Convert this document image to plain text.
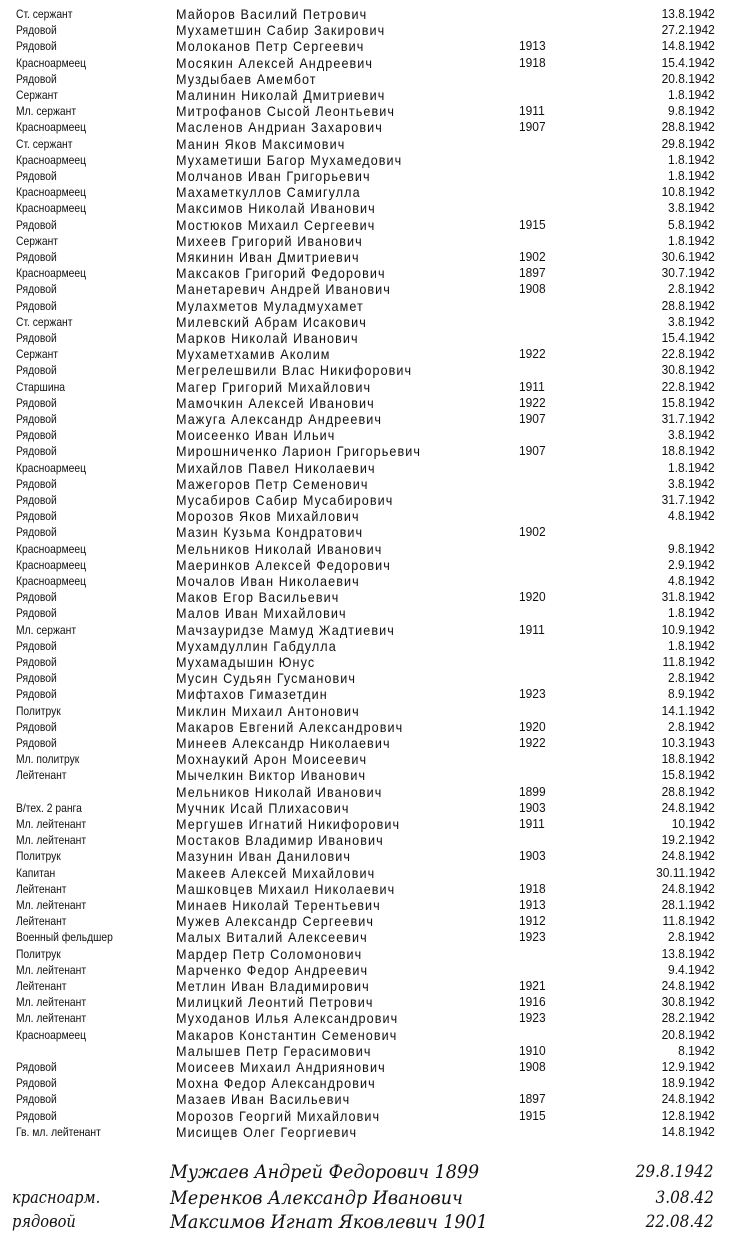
Ст. сержант	Майоров Василий Петрович	13.8.1942
Рядовой	Мухаметшин Сабир Закирович	27.2.1942
Рядовой	Молоканов Петр Сергеевич	1913	14.8.1942
Красноармеец	Мосякин Алексей Андреевич	1918	15.4.1942
Рядовой	Муздыбаев Амембот	20.8.1942
Сержант	Малинин Николай Дмитриевич	1.8.1942
Мл. сержант	Митрофанов Сысой Леонтьевич	1911	9.8.1942
Красноармеец	Масленов Андриан Захарович	1907	28.8.1942
Ст. сержант	Манин Яков Максимович	29.8.1942
Красноармеец	Мухаметиши Багор Мухамедович	1.8.1942
Рядовой	Молчанов Иван Григорьевич	1.8.1942
Красноармеец	Махаметкуллов Самигулла	10.8.1942
Красноармеец	Максимов Николай Иванович	3.8.1942
Рядовой	Мостюков Михаил Сергеевич	1915	5.8.1942
Сержант	Михеев Григорий Иванович	1.8.1942
Рядовой	Мякинин Иван Дмитриевич	1902	30.6.1942
Красноармеец	Максаков Григорий Федорович	1897	30.7.1942
Рядовой	Манетаревич Андрей Иванович	1908	2.8.1942
Рядовой	Мулахметов Муладмухамет	28.8.1942
Ст. сержант	Милевский Абрам Исакович	3.8.1942
Рядовой	Марков Николай Иванович	15.4.1942
Сержант	Мухаметхамив Аколим	1922	22.8.1942
Рядовой	Мегрелешвили Влас Никифорович	30.8.1942
Старшина	Магер Григорий Михайлович	1911	22.8.1942
Рядовой	Мамочкин Алексей Иванович	1922	15.8.1942
Рядовой	Мажуга Александр Андреевич	1907	31.7.1942
Рядовой	Моисеенко Иван Ильич	3.8.1942
Рядовой	Мирошниченко Ларион Григорьевич	1907	18.8.1942
Красноармеец	Михайлов Павел Николаевич	1.8.1942
Рядовой	Мажегоров Петр Семенович	3.8.1942
Рядовой	Мусабиров Сабир Мусабирович	31.7.1942
Рядовой	Морозов Яков Михайлович	4.8.1942
Рядовой	Мазин Кузьма Кондратович	1902
Красноармеец	Мельников Николай Иванович	9.8.1942
Красноармеец	Маеринков Алексей Федорович	2.9.1942
Красноармеец	Мочалов Иван Николаевич	4.8.1942
Рядовой	Маков Егор Васильевич	1920	31.8.1942
Рядовой	Малов Иван Михайлович	1.8.1942
Мл. сержант	Мачзауридзе Мамуд Жадтиевич	1911	10.9.1942
Рядовой	Мухамдуллин Габдулла	1.8.1942
Рядовой	Мухамадышин Юнус	11.8.1942
Рядовой	Мусин Судьян Гусманович	2.8.1942
Рядовой	Мифтахов Гимазетдин	1923	8.9.1942
Политрук	Миклин Михаил Антонович	14.1.1942
Рядовой	Макаров Евгений Александрович	1920	2.8.1942
Рядовой	Минеев Александр Николаевич	1922	10.3.1943
Мл. политрук	Мохнаукий Арон Моисеевич	18.8.1942
Лейтенант	Мычелкин Виктор Иванович	15.8.1942
Мельников Николай Иванович	1899	28.8.1942
В/тех. 2 ранга	Мучник Исай Плихасович	1903	24.8.1942
Мл. лейтенант	Мергушев Игнатий Никифорович	1911	10.1942
Мл. лейтенант	Мостаков Владимир Иванович	19.2.1942
Политрук	Мазунин Иван Данилович	1903	24.8.1942
Капитан	Макеев Алексей Михайлович	30.11.1942
Лейтенант	Машковцев Михаил Николаевич	1918	24.8.1942
Мл. лейтенант	Минаев Николай Терентьевич	1913	28.1.1942
Лейтенант	Мужев Александр Сергеевич	1912	11.8.1942
Военный фельдшер	Малых Виталий Алексеевич	1923	2.8.1942
Политрук	Мардер Петр Соломонович	13.8.1942
Мл. лейтенант	Марченко Федор Андреевич	9.4.1942
Лейтенант	Метлин Иван Владимирович	1921	24.8.1942
Мл. лейтенант	Милицкий Леонтий Петрович	1916	30.8.1942
Мл. лейтенант	Муходанов Илья Александрович	1923	28.2.1942
Красноармеец	Макаров Константин Семенович	20.8.1942
Малышев Петр Герасимович	1910	8.1942
Рядовой	Моисеев Михаил Андриянович	1908	12.9.1942
Рядовой	Мохна Федор Александрович	18.9.1942
Рядовой	Мазаев Иван Васильевич	1897	24.8.1942
Рядовой	Морозов Георгий Михайлович	1915	12.8.1942
Гв. мл. лейтенант	Мисищев Олег Георгиевич	14.8.1942
Мужаев Андрей Федорович 1899	29.8.1942
красноарм.	Меренков Александр Иванович	3.08.42
рядовой	Максимов Игнат Яковлевич 1901	22.08.42
